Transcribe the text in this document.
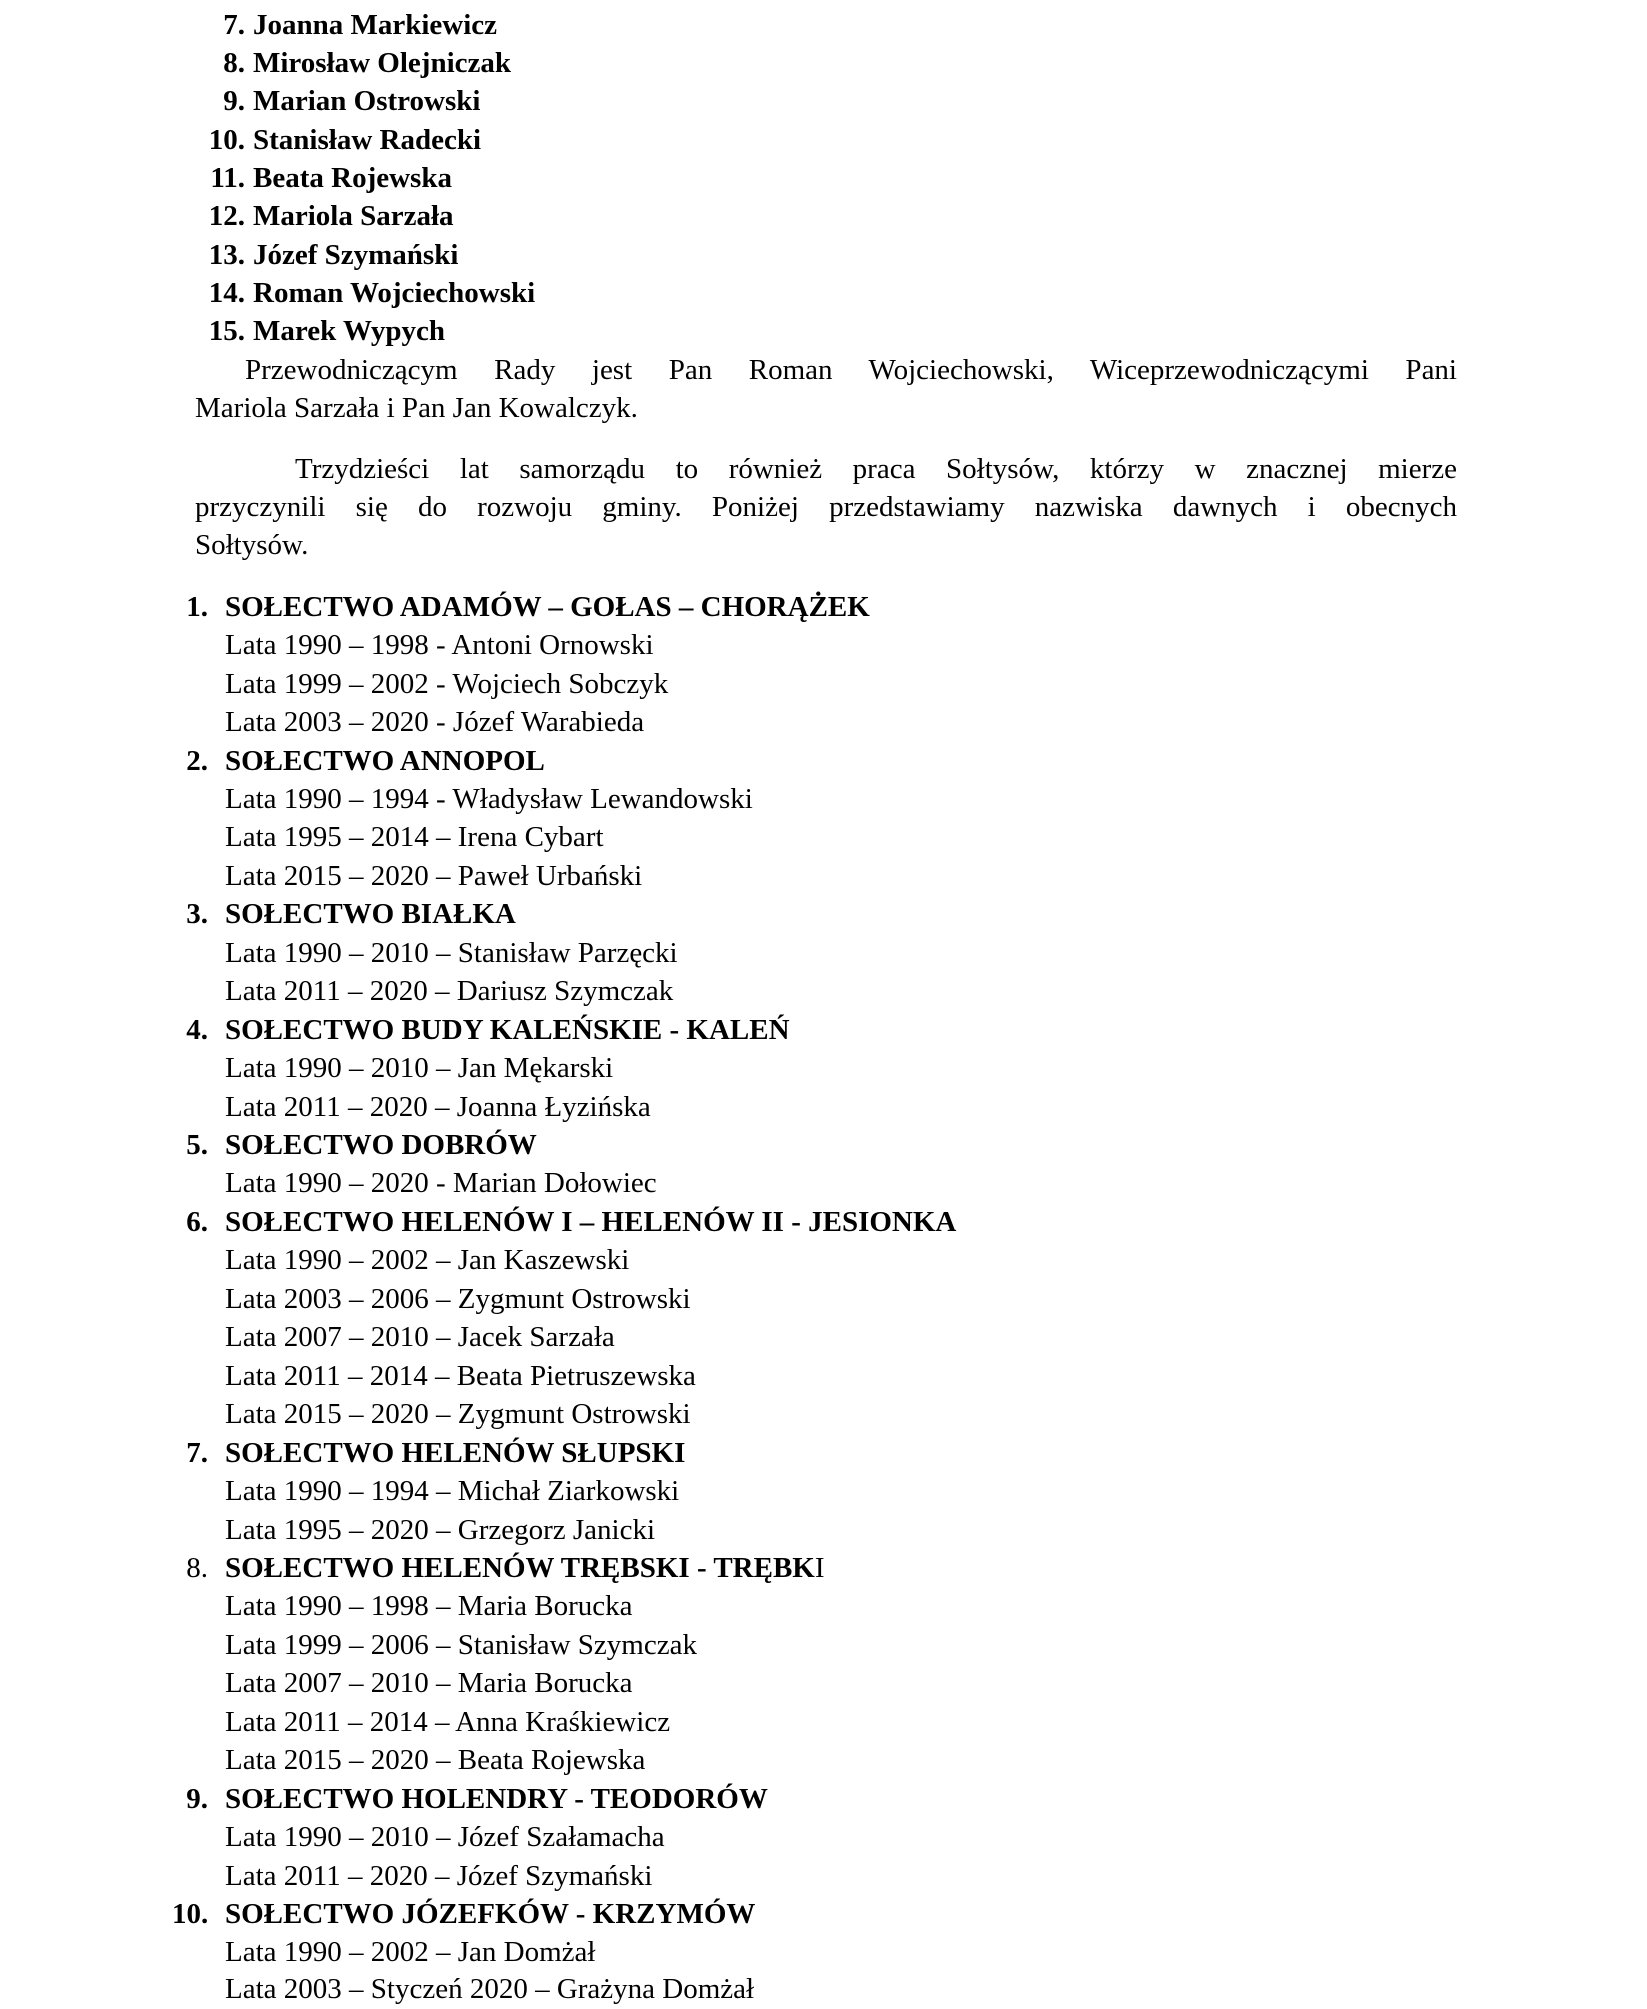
7. Joanna Markiewicz
8. Mirosław Olejniczak
9. Marian Ostrowski
10. Stanisław Radecki
11. Beata Rojewska
12. Mariola Sarzała
13. Józef Szymański
14. Roman Wojciechowski
15. Marek Wypych
Przewodniczącym Rady jest Pan Roman Wojciechowski, Wiceprzewodniczącymi Pani
Mariola Sarzała i Pan Jan Kowalczyk.
Trzydzieści lat samorządu to również praca Sołtysów, którzy w znacznej mierze
przyczynili się do rozwoju gminy. Poniżej przedstawiamy nazwiska dawnych i obecnych
Sołtysów.
1. SOŁECTWO ADAMÓW – GOŁAS – CHORĄŻEK
Lata 1990 – 1998 - Antoni Ornowski
Lata 1999 – 2002 - Wojciech Sobczyk
Lata 2003 – 2020 - Józef Warabieda
2. SOŁECTWO ANNOPOL
Lata 1990 – 1994 - Władysław Lewandowski
Lata 1995 – 2014 – Irena Cybart
Lata 2015 – 2020 – Paweł Urbański
3. SOŁECTWO BIAŁKA
Lata 1990 – 2010 – Stanisław Parzęcki
Lata 2011 – 2020 – Dariusz Szymczak
4. SOŁECTWO BUDY KALEŃSKIE - KALEŃ
Lata 1990 – 2010 – Jan Mękarski
Lata 2011 – 2020 – Joanna Łyzińska
5. SOŁECTWO DOBRÓW
Lata 1990 – 2020 - Marian Dołowiec
6. SOŁECTWO HELENÓW I – HELENÓW II - JESIONKA
Lata 1990 – 2002 – Jan Kaszewski
Lata 2003 – 2006 – Zygmunt Ostrowski
Lata 2007 – 2010 – Jacek Sarzała
Lata 2011 – 2014 – Beata Pietruszewska
Lata 2015 – 2020 – Zygmunt Ostrowski
7. SOŁECTWO HELENÓW SŁUPSKI
Lata 1990 – 1994 – Michał Ziarkowski
Lata 1995 – 2020 – Grzegorz Janicki
8. SOŁECTWO HELENÓW TRĘBSKI - TRĘBKI
Lata 1990 – 1998 – Maria Borucka
Lata 1999 – 2006 – Stanisław Szymczak
Lata 2007 – 2010 – Maria Borucka
Lata 2011 – 2014 – Anna Kraśkiewicz
Lata 2015 – 2020 – Beata Rojewska
9. SOŁECTWO HOLENDRY - TEODORÓW
Lata 1990 – 2010 – Józef Szałamacha
Lata 2011 – 2020 – Józef Szymański
10. SOŁECTWO JÓZEFKÓW - KRZYMÓW
Lata 1990 – 2002 – Jan Domżał
Lata 2003 – Styczeń 2020 – Grażyna Domżał
